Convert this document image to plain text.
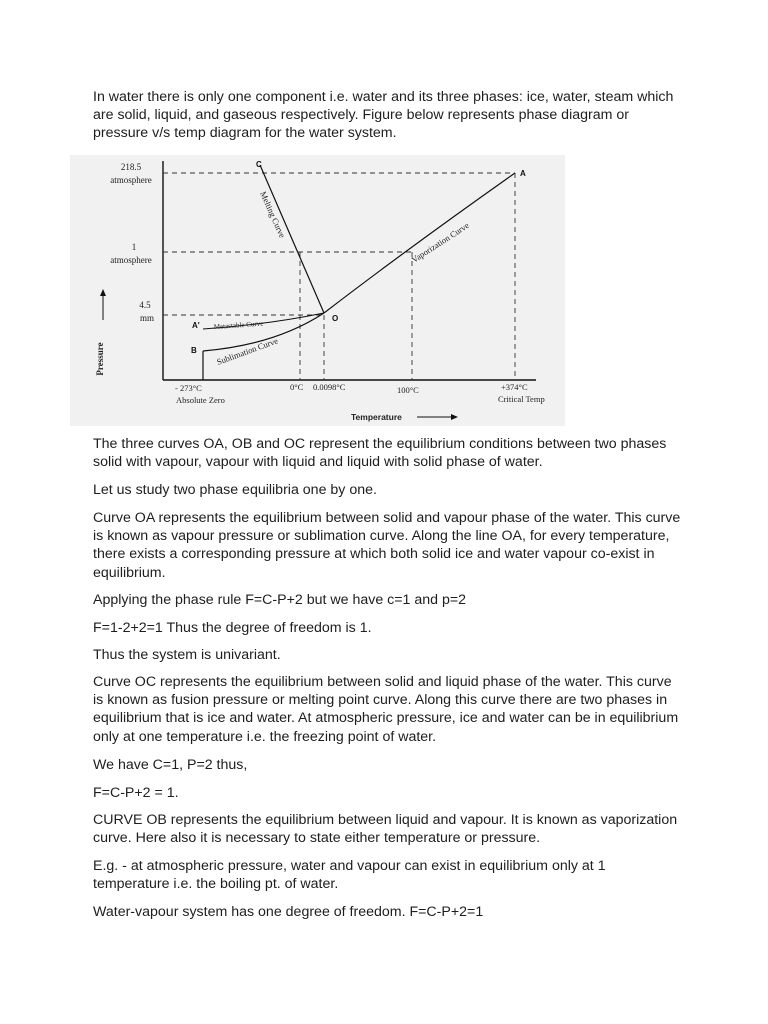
In water there is only one component i.e. water and its three phases: ice, water, steam which are solid, liquid, and gaseous respectively. Figure below represents phase diagram or pressure v/s temp diagram for the water system.

218.5
atmosphere
1
atmosphere
4.5
mm
Pressure
- 273°C
Absolute Zero
0°C 0.0098°C	100°C	+374°C
Critical Temp
Temperature
A
A'
B
C
O
Melting Curve
Vaporization Curve
Metastable Curve
Sublimation Curve

The three curves OA, OB and OC represent the equilibrium conditions between two phases solid with vapour, vapour with liquid and liquid with solid phase of water.

Let us study two phase equilibria one by one.

Curve OA represents the equilibrium between solid and vapour phase of the water. This curve is known as vapour pressure or sublimation curve. Along the line OA, for every temperature, there exists a corresponding pressure at which both solid ice and water vapour co-exist in equilibrium.

Applying the phase rule F=C-P+2 but we have c=1 and p=2

F=1-2+2=1 Thus the degree of freedom is 1.

Thus the system is univariant.

Curve OC represents the equilibrium between solid and liquid phase of the water. This curve is known as fusion pressure or melting point curve. Along this curve there are two phases in equilibrium that is ice and water. At atmospheric pressure, ice and water can be in equilibrium only at one temperature i.e. the freezing point of water.

We have C=1, P=2 thus,

F=C-P+2 = 1.

CURVE OB represents the equilibrium between liquid and vapour. It is known as vaporization curve. Here also it is necessary to state either temperature or pressure.

E.g. - at atmospheric pressure, water and vapour can exist in equilibrium only at 1 temperature i.e. the boiling pt. of water.

Water-vapour system has one degree of freedom. F=C-P+2=1
